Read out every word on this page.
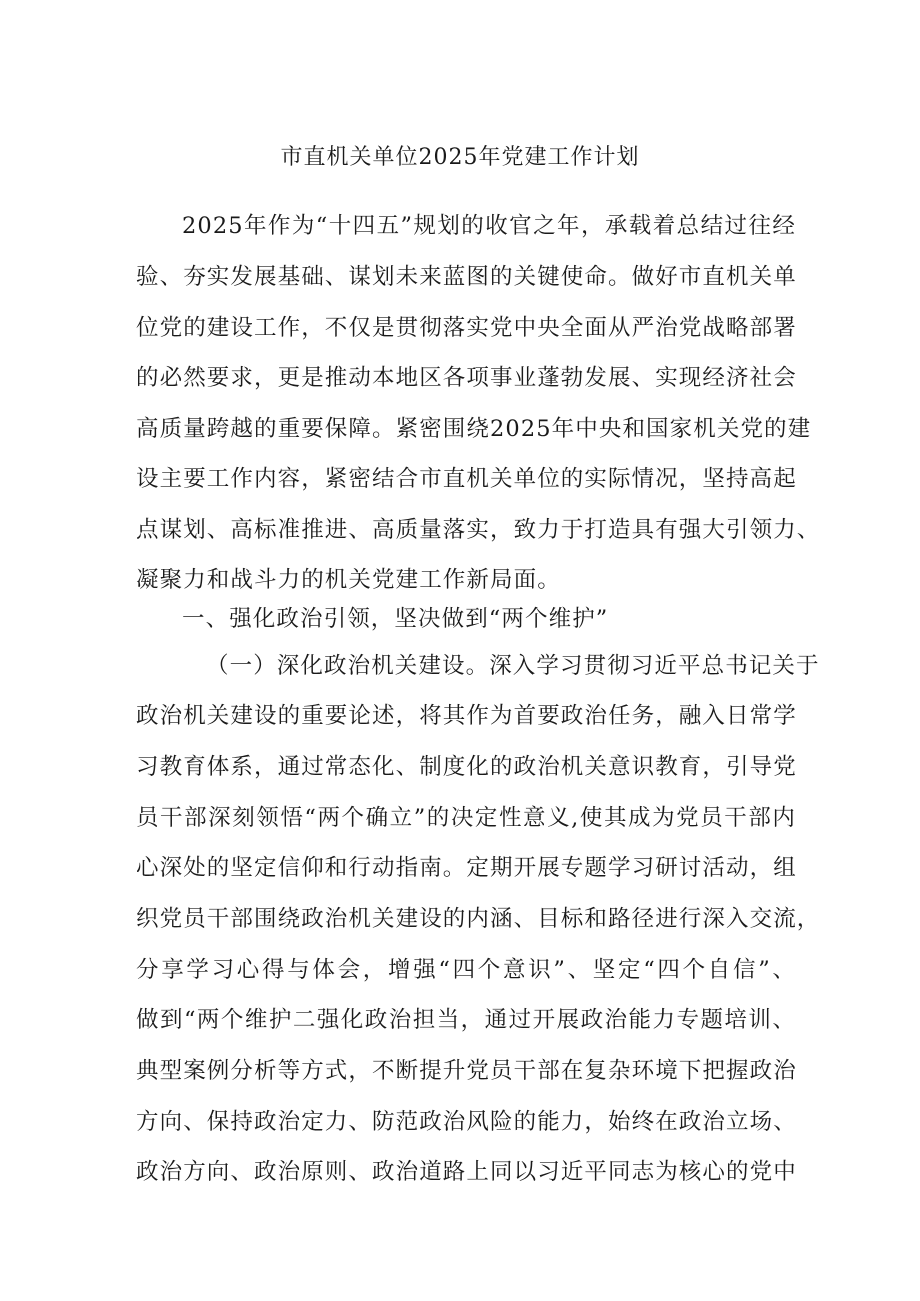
市直机关单位2025年党建工作计划
2025年作为“十四五”规划的收官之年，承载着总结过往经
验、夯实发展基础、谋划未来蓝图的关键使命。做好市直机关单
位党的建设工作，不仅是贯彻落实党中央全面从严治党战略部署
的必然要求，更是推动本地区各项事业蓬勃发展、实现经济社会
高质量跨越的重要保障。紧密围绕2025年中央和国家机关党的建
设主要工作内容，紧密结合市直机关单位的实际情况，坚持高起
点谋划、高标准推进、高质量落实，致力于打造具有强大引领力、
凝聚力和战斗力的机关党建工作新局面。
一、强化政治引领，坚决做到“两个维护”
（一）深化政治机关建设。深入学习贯彻习近平总书记关于
政治机关建设的重要论述，将其作为首要政治任务，融入日常学
习教育体系，通过常态化、制度化的政治机关意识教育，引导党
员干部深刻领悟“两个确立”的决定性意义,使其成为党员干部内
心深处的坚定信仰和行动指南。定期开展专题学习研讨活动，组
织党员干部围绕政治机关建设的内涵、目标和路径进行深入交流，
分享学习心得与体会，增强“四个意识”、坚定“四个自信”、
做到“两个维护二强化政治担当，通过开展政治能力专题培训、
典型案例分析等方式，不断提升党员干部在复杂环境下把握政治
方向、保持政治定力、防范政治风险的能力，始终在政治立场、
政治方向、政治原则、政治道路上同以习近平同志为核心的党中
